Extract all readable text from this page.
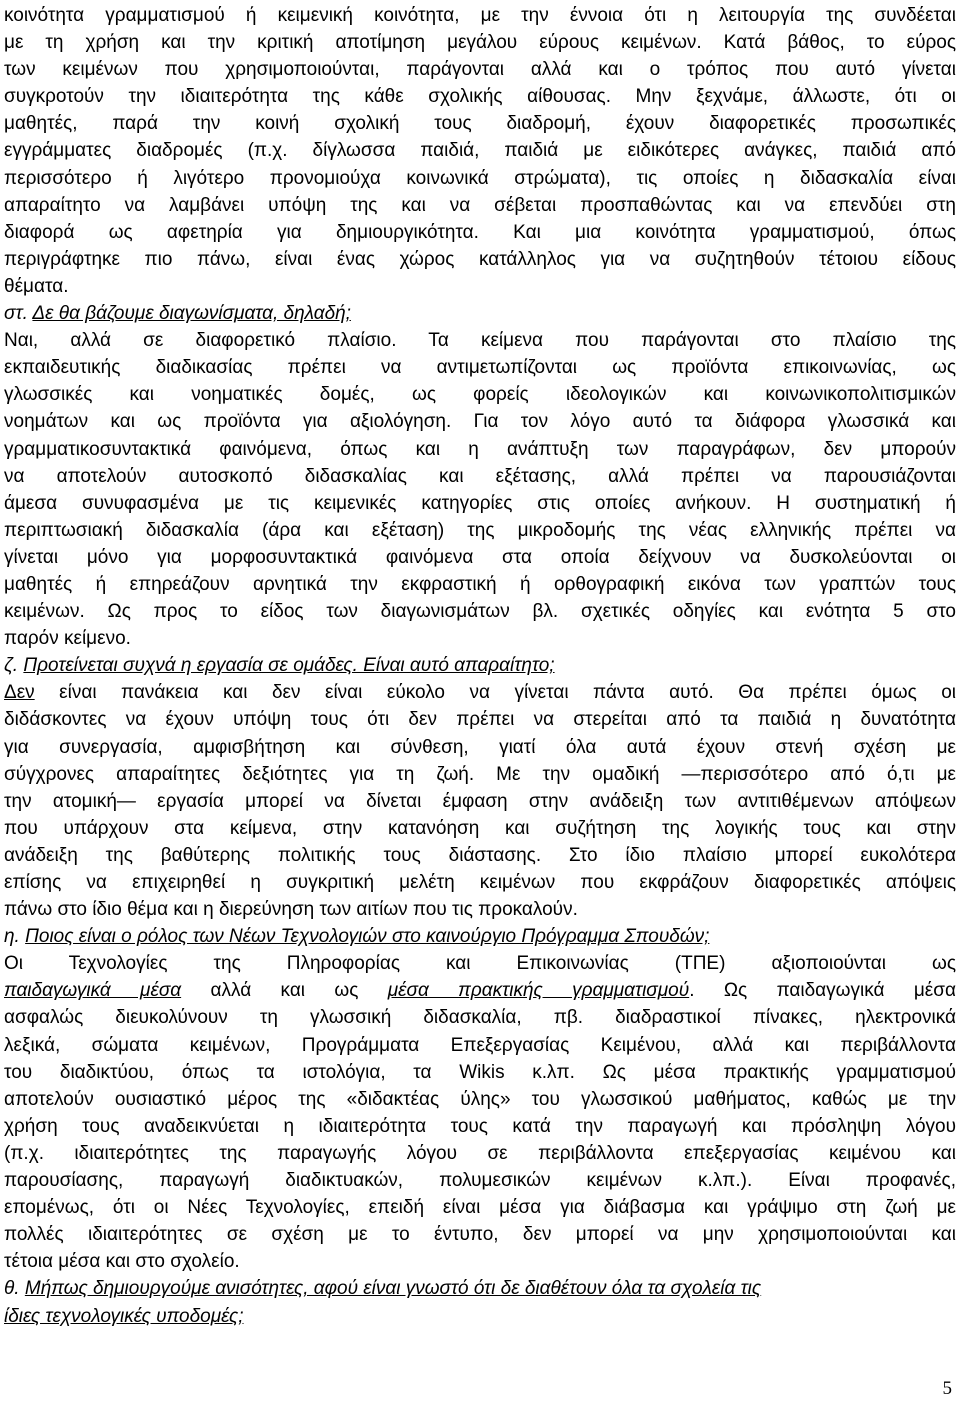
κοινότητα γραμματισμού ή κειμενική κοινότητα, με την έννοια ότι η λειτουργία της συνδέεται
με τη χρήση και την κριτική αποτίμηση μεγάλου εύρους κειμένων. Κατά βάθος, το εύρος
των κειμένων που χρησιμοποιούνται, παράγονται αλλά και ο τρόπος που αυτό γίνεται
συγκροτούν την ιδιαιτερότητα της κάθε σχολικής αίθουσας. Μην ξεχνάμε, άλλωστε, ότι οι
μαθητές, παρά την κοινή σχολική τους διαδρομή, έχουν διαφορετικές προσωπικές
εγγράμματες διαδρομές (π.χ. δίγλωσσα παιδιά, παιδιά με ειδικότερες ανάγκες, παιδιά από
περισσότερο ή λιγότερο προνομιούχα κοινωνικά στρώματα), τις οποίες η διδασκαλία είναι
απαραίτητο να λαμβάνει υπόψη της και να σέβεται προσπαθώντας και να επενδύει στη
διαφορά ως αφετηρία για δημιουργικότητα. Και μια κοινότητα γραμματισμού, όπως
περιγράφτηκε πιο πάνω, είναι ένας χώρος κατάλληλος για να συζητηθούν τέτοιου είδους
θέματα.
στ. Δε θα βάζουμε διαγωνίσματα, δηλαδή;
Ναι, αλλά σε διαφορετικό πλαίσιο. Τα κείμενα που παράγονται στο πλαίσιο της
εκπαιδευτικής διαδικασίας πρέπει να αντιμετωπίζονται ως προϊόντα επικοινωνίας, ως
γλωσσικές και νοηματικές δομές, ως φορείς ιδεολογικών και κοινωνικοπολιτισμικών
νοημάτων και ως προϊόντα για αξιολόγηση. Για τον λόγο αυτό τα διάφορα γλωσσικά και
γραμματικοσυντακτικά φαινόμενα, όπως και η ανάπτυξη των παραγράφων, δεν μπορούν
να αποτελούν αυτοσκοπό διδασκαλίας και εξέτασης, αλλά πρέπει να παρουσιάζονται
άμεσα συνυφασμένα με τις κειμενικές κατηγορίες στις οποίες ανήκουν. Η συστηματική ή
περιπτωσιακή διδασκαλία (άρα και εξέταση) της μικροδομής της νέας ελληνικής πρέπει να
γίνεται μόνο για μορφοσυντακτικά φαινόμενα στα οποία δείχνουν να δυσκολεύονται οι
μαθητές ή επηρεάζουν αρνητικά την εκφραστική ή ορθογραφική εικόνα των γραπτών τους
κειμένων. Ως προς το είδος των διαγωνισμάτων βλ. σχετικές οδηγίες και ενότητα 5 στο
παρόν κείμενο.
ζ. Προτείνεται συχνά η εργασία σε ομάδες. Είναι αυτό απαραίτητο;
Δεν είναι πανάκεια και δεν είναι εύκολο να γίνεται πάντα αυτό. Θα πρέπει όμως οι
διδάσκοντες να έχουν υπόψη τους ότι δεν πρέπει να στερείται από τα παιδιά η δυνατότητα
για συνεργασία, αμφισβήτηση και σύνθεση, γιατί όλα αυτά έχουν στενή σχέση με
σύγχρονες απαραίτητες δεξιότητες για τη ζωή. Με την ομαδική —περισσότερο από ό,τι με
την ατομική— εργασία μπορεί να δίνεται έμφαση στην ανάδειξη των αντιτιθέμενων απόψεων
που υπάρχουν στα κείμενα, στην κατανόηση και συζήτηση της λογικής τους και στην
ανάδειξη της βαθύτερης πολιτικής τους διάστασης. Στο ίδιο πλαίσιο μπορεί ευκολότερα
επίσης να επιχειρηθεί η συγκριτική μελέτη κειμένων που εκφράζουν διαφορετικές απόψεις
πάνω στο ίδιο θέμα και η διερεύνηση των αιτίων που τις προκαλούν.
η. Ποιος είναι ο ρόλος των Νέων Τεχνολογιών στο καινούργιο Πρόγραμμα Σπουδών;
Οι Τεχνολογίες της Πληροφορίας και Επικοινωνίας (ΤΠΕ) αξιοποιούνται ως
παιδαγωγικά μέσα αλλά και ως μέσα πρακτικής γραμματισμού. Ως παιδαγωγικά μέσα
ασφαλώς διευκολύνουν τη γλωσσική διδασκαλία, πβ. διαδραστικοί πίνακες, ηλεκτρονικά
λεξικά, σώματα κειμένων, Προγράμματα Επεξεργασίας Κειμένου, αλλά και περιβάλλοντα
του διαδικτύου, όπως τα ιστολόγια, τα Wikis κ.λπ. Ως μέσα πρακτικής γραμματισμού
αποτελούν ουσιαστικό μέρος της «διδακτέας ύλης» του γλωσσικού μαθήματος, καθώς με την
χρήση τους αναδεικνύεται η ιδιαιτερότητα τους κατά την παραγωγή και πρόσληψη λόγου
(π.χ. ιδιαιτερότητες της παραγωγής λόγου σε περιβάλλοντα επεξεργασίας κειμένου και
παρουσίασης, παραγωγή διαδικτυακών, πολυμεσικών κειμένων κ.λπ.). Είναι προφανές,
επομένως, ότι οι Νέες Τεχνολογίες, επειδή είναι μέσα για διάβασμα και γράψιμο στη ζωή με
πολλές ιδιαιτερότητες σε σχέση με το έντυπο, δεν μπορεί να μην χρησιμοποιούνται και
τέτοια μέσα και στο σχολείο.
θ. Μήπως δημιουργούμε ανισότητες, αφού είναι γνωστό ότι δε διαθέτουν όλα τα σχολεία τις
ίδιες τεχνολογικές υποδομές;
5
